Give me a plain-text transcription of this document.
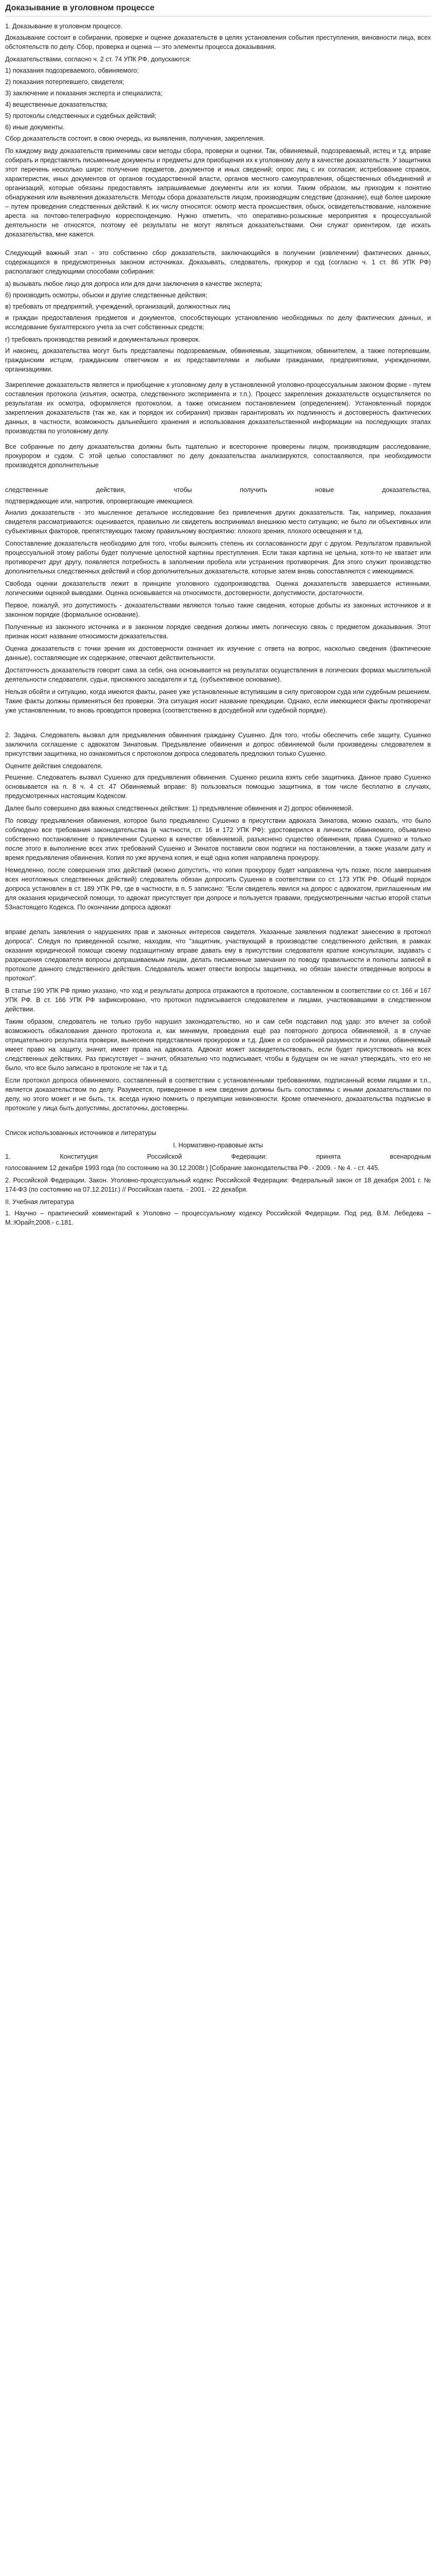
Доказывание в уголовном процессе
1. Доказывание в уголовном процессе.

Доказывание состоит в собирании, проверке и оценке доказательств в целях установления события преступления, виновности лица, всех обстоятельств по делу. Сбор, проверка и оценка — это элементы процесса доказывания.

Доказательствами, согласно ч. 2 ст. 74 УПК РФ, допускаются:

1) показания подозреваемого, обвиняемого;
2) показания потерпевшего, свидетеля;
3) заключение и показания эксперта и специалиста;
4) вещественные доказательства;
5) протоколы следственных и судебных действий;
6) иные документы.

Сбор доказательств состоит, в свою очередь, из выявления, получения, закрепления.

По каждому виду доказательств применимы свои методы сбора, проверки и оценки. Так, обвиняемый, подозреваемый, истец и т.д. вправе собирать и представлять письменные документы и предметы для приобщения их к уголовному делу в качестве доказательств. У защитника этот перечень несколько шире: получение предметов, документов и иных сведений; опрос лиц с их согласия; истребование справок, характеристик, иных документов от органов государственной власти, органов местного самоуправления, общественных объединений и организаций, которые обязаны предоставлять запрашиваемые документы или их копии. Таким образом, мы приходим к понятию обнаружения или выявления доказательств. Методы сбора доказательств лицом, производящим следствие (дознание), ещё более широкие – путем проведения следственных действий. К их числу относятся: осмотр места происшествия, обыск, освидетельствование, наложение ареста на почтово-телеграфную корреспонденцию. Нужно отметить, что оперативно-розыскные мероприятия к процессуальной деятельности не относятся, поэтому её результаты не могут являться доказательствами. Они служат ориентиром, где искать доказательства, мне кажется.

Следующий важный этап - это собственно сбор доказательств, заключающийся в получении (извлечении) фактических данных, содержащихся в предусмотренных законом источниках. Доказывать, следователь, прокурор и суд (согласно ч. 1 ст. 86 УПК РФ) располагают следующими способами собирания:

а) вызывать любое лицо для допроса или для дачи заключения в качестве эксперта;
б) производить осмотры, обыски и другие следственные действия;
в) требовать от предприятий, учреждений, организаций, должностных лиц

и граждан предоставления предметов и документов, способствующих установлению необходимых по делу фактических данных, и исследование бухгалтерского учета за счет собственных средств;

г) требовать производства ревизий и документальных проверок.

И наконец, доказательства могут быть представлены подозреваемым, обвиняемым, защитником, обвинителем, а также потерпевшим, гражданским истцом, гражданским ответчиком и их представителями и любыми гражданами, предприятиями, учреждениями, организациями.

Закрепление доказательств является и приобщение к уголовному делу в установленной уголовно-процессуальным законом форме - путем составления протокола (изъятия, осмотра, следственного эксперимента и т.п.). Процесс закрепления доказательств осуществляется по результатам их осмотра, оформляется протоколом, а также описанием постановлением (определением). Установленный порядок закрепления доказательств (так же, как и порядок их собирания) призван гарантировать их подлинность и достоверность фактических данных, в частности, возможность дальнейшего хранения и использования доказательственной информации на последующих этапах производства по уголовному делу.

Все собранные по делу доказательства должны быть тщательно и всесторонне проверены лицом, производящим расследование, прокурором и судом. С этой целью сопоставляют по делу доказательства анализируются, сопоставляются, при необходимости производятся дополнительные

следственные действия, чтобы получить новые доказательства,
подтверждающие или, напротив, опровергающие имеющиеся.

Анализ доказательств - это мысленное детальное исследование без привлечения других доказательств. Так, например, показания свидетеля рассматриваются: оценивается, правильно ли свидетель воспринимал внешнюю место ситуацию; не было ли объективных или субъективных факторов, препятствующих такому правильному восприятию: плохого зрения, плохого освещения и т.д.

Сопоставление доказательств необходимо для того, чтобы выяснить степень их согласованности друг с другом. Результатом правильной процессуальной этому работы будет получение целостной картины преступления. Если такая картина не цельна, хотя-то не хватает или противоречит друг другу, появляется потребность в заполнении пробела или устранения противоречия. Для этого служит производство дополнительных следственных действий и сбор дополнительных доказательств, которые затем вновь сопоставляются с имеющимися.

Свобода оценки доказательств лежит в принципе уголовного судопроизводства. Оценка доказательств завершается истинными, логическими оценкой выводами. Оценка основывается на относимости, достоверности, допустимости, достаточности.

Первое, пожалуй, это допустимость - доказательствами являются только такие сведения, которые добыты из законных источников и в законном порядке (формальное основание).

Полученные из законного источника и в законном порядке сведения должны иметь логическую связь с предметом доказывания. Этот признак носит название относимости доказательства.

Оценка доказательств с точки зрения их достоверности означает их изучение с ответа на вопрос, насколько сведения (фактические данные), составляющие их содержание, отвечают действительности.

Достаточность доказательств говорит сама за себя, она основывается на результатах осуществления в логических формах мыслительной деятельности следователя, судьи, присяжного заседателя и т.д. (субъективное основание).

Нельзя обойти и ситуацию, когда имеются факты, ранее уже установленные вступившим в силу приговором суда или судебным решением. Такие факты должны применяться без проверки. Эта ситуация носит название преюдиции. Однако, если имеющиеся факты противоречат уже установленным, то вновь проводится проверка (соответственно в досудебной или судебной порядке).

2. Задача. Следователь вызвал для предъявления обвинения гражданку Сушенко. Для того, чтобы обеспечить себе защиту, Сушенко заключила соглашение с адвокатом Зинатовым. Предъявление обвинения и допрос обвиняемой были произведены следователем в присутствии защитника, но ознакомиться с протоколом допроса следователь предложил только Сушенко.

Оцените действия следователя.

Решение. Следователь вызвал Сушенко для предъявления обвинения. Сушенко решила взять себе защитника. Данное право Сушенко основывается на п. 8 ч. 4 ст. 47 Обвиняемый вправе: 8) пользоваться помощью защитника, в том числе бесплатно в случаях, предусмотренных настоящим Кодексом.

Далее было совершено два важных следственных действия: 1) предъявление обвинения и 2) допрос обвиняемой.

По поводу предъявления обвинения, которое было предъявлено Сушенко в присутствии адвоката Зинатова, можно сказать, что было соблюдено все требования законодательства (в частности, ст. 16 и 172 УПК РФ): удостоверился в личности обвиняемого, объявлено собственно постановление о привлечении Сушенко в качестве обвиняемой, разъяснено существо обвинения, права Сушенко и только после этого в выполнение всех этих требований Сушенко и Зинатов поставили свои подписи на постановлении, а также указали дату и время предъявления обвинения. Копия по уже вручена копия, и ещё одна копия направлена прокурору.

Немедленно, после совершения этих действий (можно допустить, что копия прокурору будет направлена чуть позже, после завершения всех неотложных следственных действий) следователь обязан допросить Сушенко в соответствии со ст. 173 УПК РФ. Общий порядок допроса установлен в ст. 189 УПК РФ, где в частности, в п. 5 записано: "Если свидетель явился на допрос с адвокатом, приглашенным им для оказания юридической помощи, то адвокат присутствует при допросе и пользуется правами, предусмотренными частью второй статьи 53настоящего Кодекса. По окончании допроса адвокат

вправе делать заявления о нарушениях прав и законных интересов свидетеля. Указанные заявления подлежат занесению в протокол допроса". Следуя по приведенной ссылке, находим, что "защитник, участвующий в производстве следственного действия, в рамках оказания юридической помощи своему подзащитному вправе давать ему в присутствии следователя краткие консультации, задавать с разрешения следователя вопросы допрашиваемым лицам, делать письменные замечания по поводу правильности и полноты записей в протоколе данного следственного действия. Следователь может отвести вопросы защитника, но обязан занести отведенные вопросы в протокол".

В статье 190 УПК РФ прямо указано, что ход и результаты допроса отражаются в протоколе, составленном в соответствии со ст. 166 и 167 УПК РФ. В ст. 166 УПК РФ зафиксировано, что протокол подписывается следователем и лицами, участвовавшими в следственном действии.

Таким образом, следователь не только грубо нарушил законодательство, но и сам себя подставил под удар: это влечет за собой возможность обжалования данного протокола и, как минимум, проведения ещё раз повторного допроса обвиняемой, а в случае отрицательного результата проверки, вынесения представления прокурором и т.д. Даже и со собранной разумности и логики, обвиняемый имеет право на защиту, значит, имеет права на адвоката. Адвокат может засвидетельствовать, если будет присутствовать на всех следственных действиях. Раз присутствует – значит, обязательно что подписывает, чтобы в будущем он не начал утверждать, что его не было, что все было записано в протоколе не так и т.д.

Если протокол допроса обвиняемого, составленный в соответствии с установленными требованиями, подписанный всеми лицами и т.п., является доказательством по делу. Разумеется, приведенное в нем сведения должны быть сопоставимы с иными доказательствами по делу, но этого может и не быть, т.к. всегда нужно помнить о презумпции невиновности. Кроме отмеченного, доказательства подписью в протоколе у лица быть допустимы, достаточны, достоверны.

Список использованных источников и литературы
I. Нормативно-правовые акты
1. Конституция Российской Федерации: принята всенародным

голосованием 12 декабря 1993 года (по состоянию на 30.12.2008г.) [Собрание законодательства РФ. - 2009. - № 4. - ст. 445.

2. Российской Федерации. Закон. Уголовно-процессуальный кодекс Российской Федерации: Федеральный закон от 18 декабря 2001 г. № 174-ФЗ (по состоянию на 07.12.2011г.) // Российская газета. - 2001. - 22 декабря.

II. Учебная литература

1. Научно – практический комментарий к Уголовно – процессуальному кодексу Российской Федерации. Под ред. В.М. Лебедева – М.:Юрайт,2008.- с.181.
